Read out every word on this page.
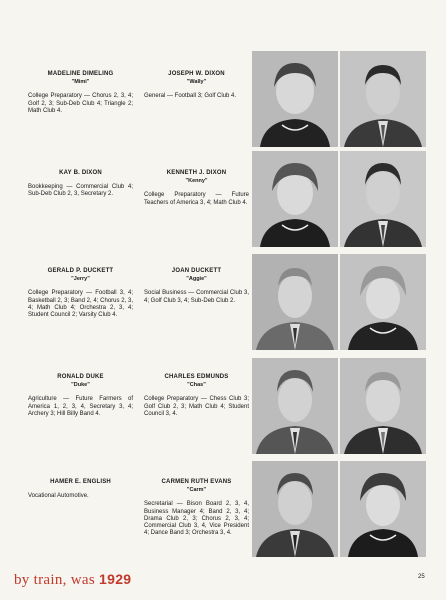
MADELINE DIMELING
"Mimi"
College Preparatory — Chorus 2, 3, 4; Golf 2, 3; Sub-Deb Club 4; Triangle 2; Math Club 4.
JOSEPH W. DIXON
"Wally"
General — Football 3; Golf Club 4.
KAY B. DIXON
Bookkeeping — Commercial Club 4; Sub-Deb Club 2, 3, Secretary 2.
KENNETH J. DIXON
"Kenny"
College Preparatory — Future Teachers of America 3, 4; Math Club 4.
GERALD P. DUCKETT
"Jerry"
College Preparatory — Football 3, 4; Basketball 2, 3; Band 2, 4; Chorus 2, 3, 4; Math Club 4; Orchestra 2, 3, 4; Student Council 2; Varsity Club 4.
JOAN DUCKETT
"Aggie"
Social Business — Commercial Club 3, 4; Golf Club 3, 4; Sub-Deb Club 2.
RONALD DUKE
"Duke"
Agriculture — Future Farmers of America 1, 2, 3, 4, Secretary 3, 4; Archery 3; Hill Billy Band 4.
CHARLES EDMUNDS
"Chas"
College Preparatory — Chess Club 3; Golf Club 2, 3; Math Club 4; Student Council 3, 4.
HAMER E. ENGLISH
Vocational Automotive.
CARMEN RUTH EVANS
"Carm"
Secretarial — Bison Board 2, 3, 4, Business Manager 4; Band 2, 3, 4; Drama Club 2, 3; Chorus 2, 3, 4; Commercial Club 3, 4, Vice President 4; Dance Band 3; Orchestra 3, 4.
by train, was 1929	25
